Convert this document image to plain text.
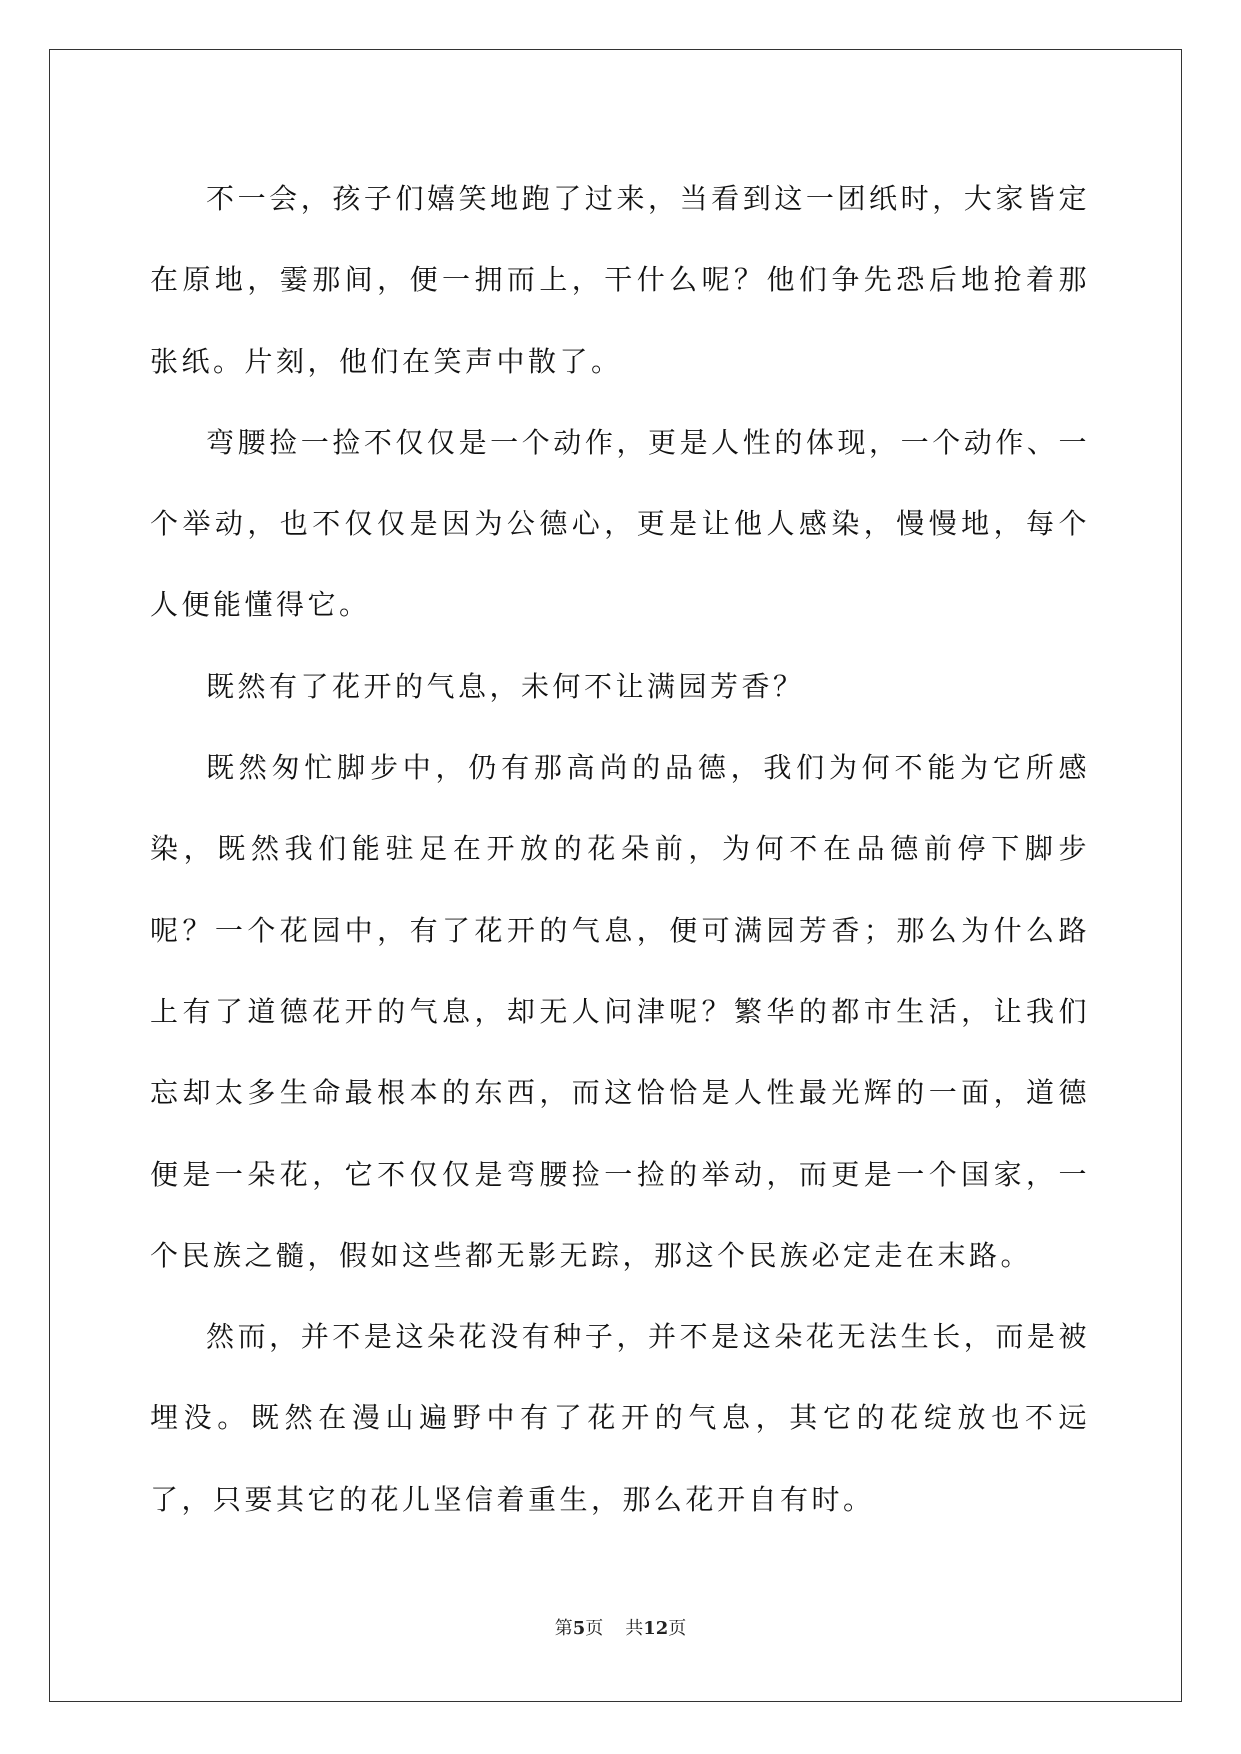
不一会，孩子们嬉笑地跑了过来，当看到这一团纸时，大家皆定在原地，霎那间，便一拥而上，干什么呢？他们争先恐后地抢着那张纸。片刻，他们在笑声中散了。

弯腰捡一捡不仅仅是一个动作，更是人性的体现，一个动作、一个举动，也不仅仅是因为公德心，更是让他人感染，慢慢地，每个人便能懂得它。

既然有了花开的气息，未何不让满园芳香？

既然匆忙脚步中，仍有那高尚的品德，我们为何不能为它所感染，既然我们能驻足在开放的花朵前，为何不在品德前停下脚步呢？一个花园中，有了花开的气息，便可满园芳香；那么为什么路上有了道德花开的气息，却无人问津呢？繁华的都市生活，让我们忘却太多生命最根本的东西，而这恰恰是人性最光辉的一面，道德便是一朵花，它不仅仅是弯腰捡一捡的举动，而更是一个国家，一个民族之髓，假如这些都无影无踪，那这个民族必定走在末路。

然而，并不是这朵花没有种子，并不是这朵花无法生长，而是被埋没。既然在漫山遍野中有了花开的气息，其它的花绽放也不远了，只要其它的花儿坚信着重生，那么花开自有时。

第5页 共12页
